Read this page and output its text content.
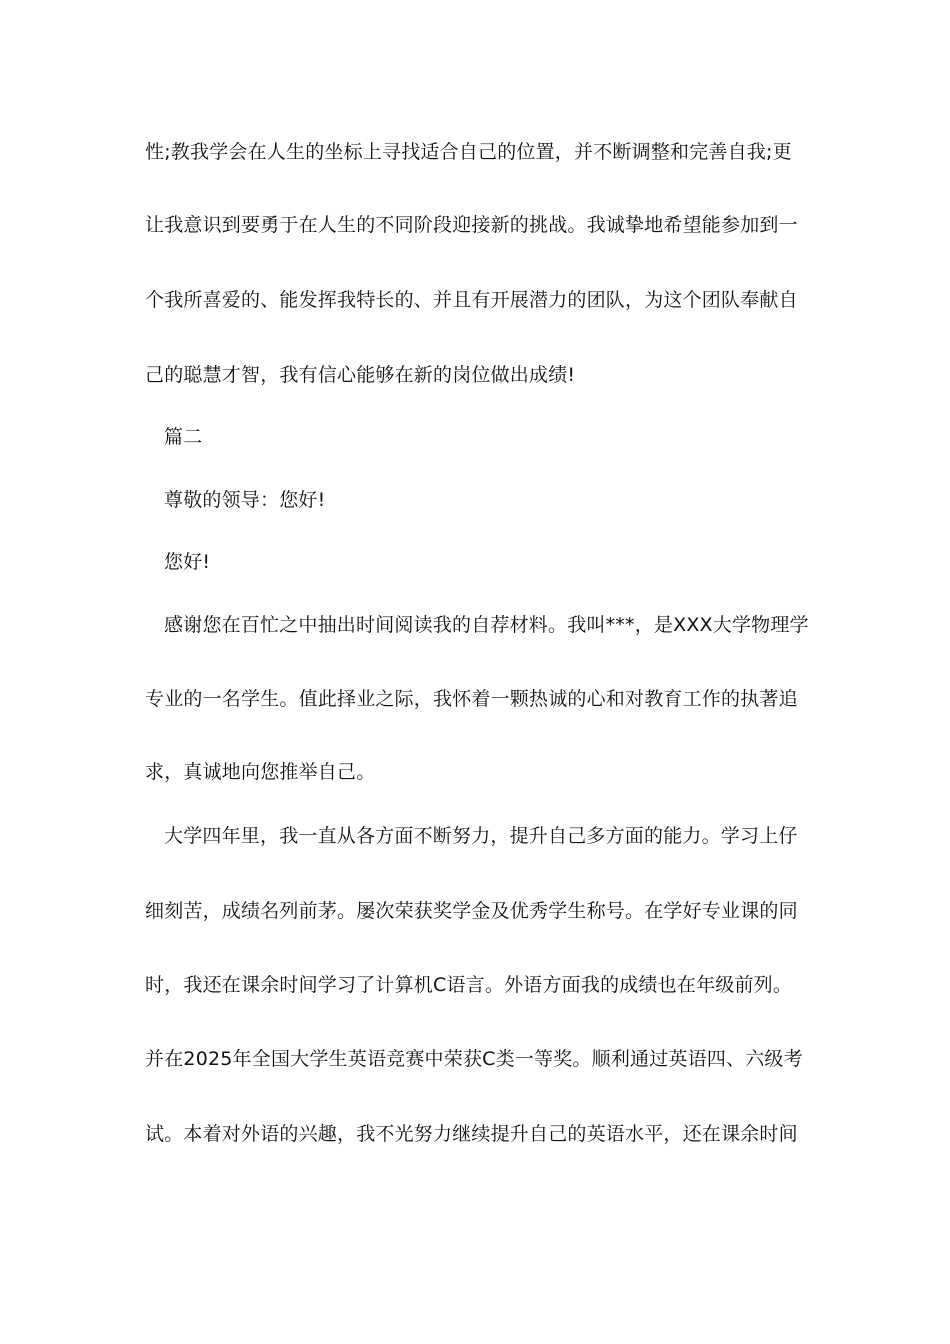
性;教我学会在人生的坐标上寻找适合自己的位置，并不断调整和完善自我;更
让我意识到要勇于在人生的不同阶段迎接新的挑战。我诚挚地希望能参加到一
个我所喜爱的、能发挥我特长的、并且有开展潜力的团队，为这个团队奉献自
己的聪慧才智，我有信心能够在新的岗位做出成绩!
篇二
尊敬的领导：您好!
您好!
感谢您在百忙之中抽出时间阅读我的自荐材料。我叫***，是XXX大学物理学
专业的一名学生。值此择业之际，我怀着一颗热诚的心和对教育工作的执著追
求，真诚地向您推举自己。
大学四年里，我一直从各方面不断努力，提升自己多方面的能力。学习上仔
细刻苦，成绩名列前茅。屡次荣获奖学金及优秀学生称号。在学好专业课的同
时，我还在课余时间学习了计算机C语言。外语方面我的成绩也在年级前列。
并在2025年全国大学生英语竞赛中荣获C类一等奖。顺利通过英语四、六级考
试。本着对外语的兴趣，我不光努力继续提升自己的英语水平，还在课余时间
